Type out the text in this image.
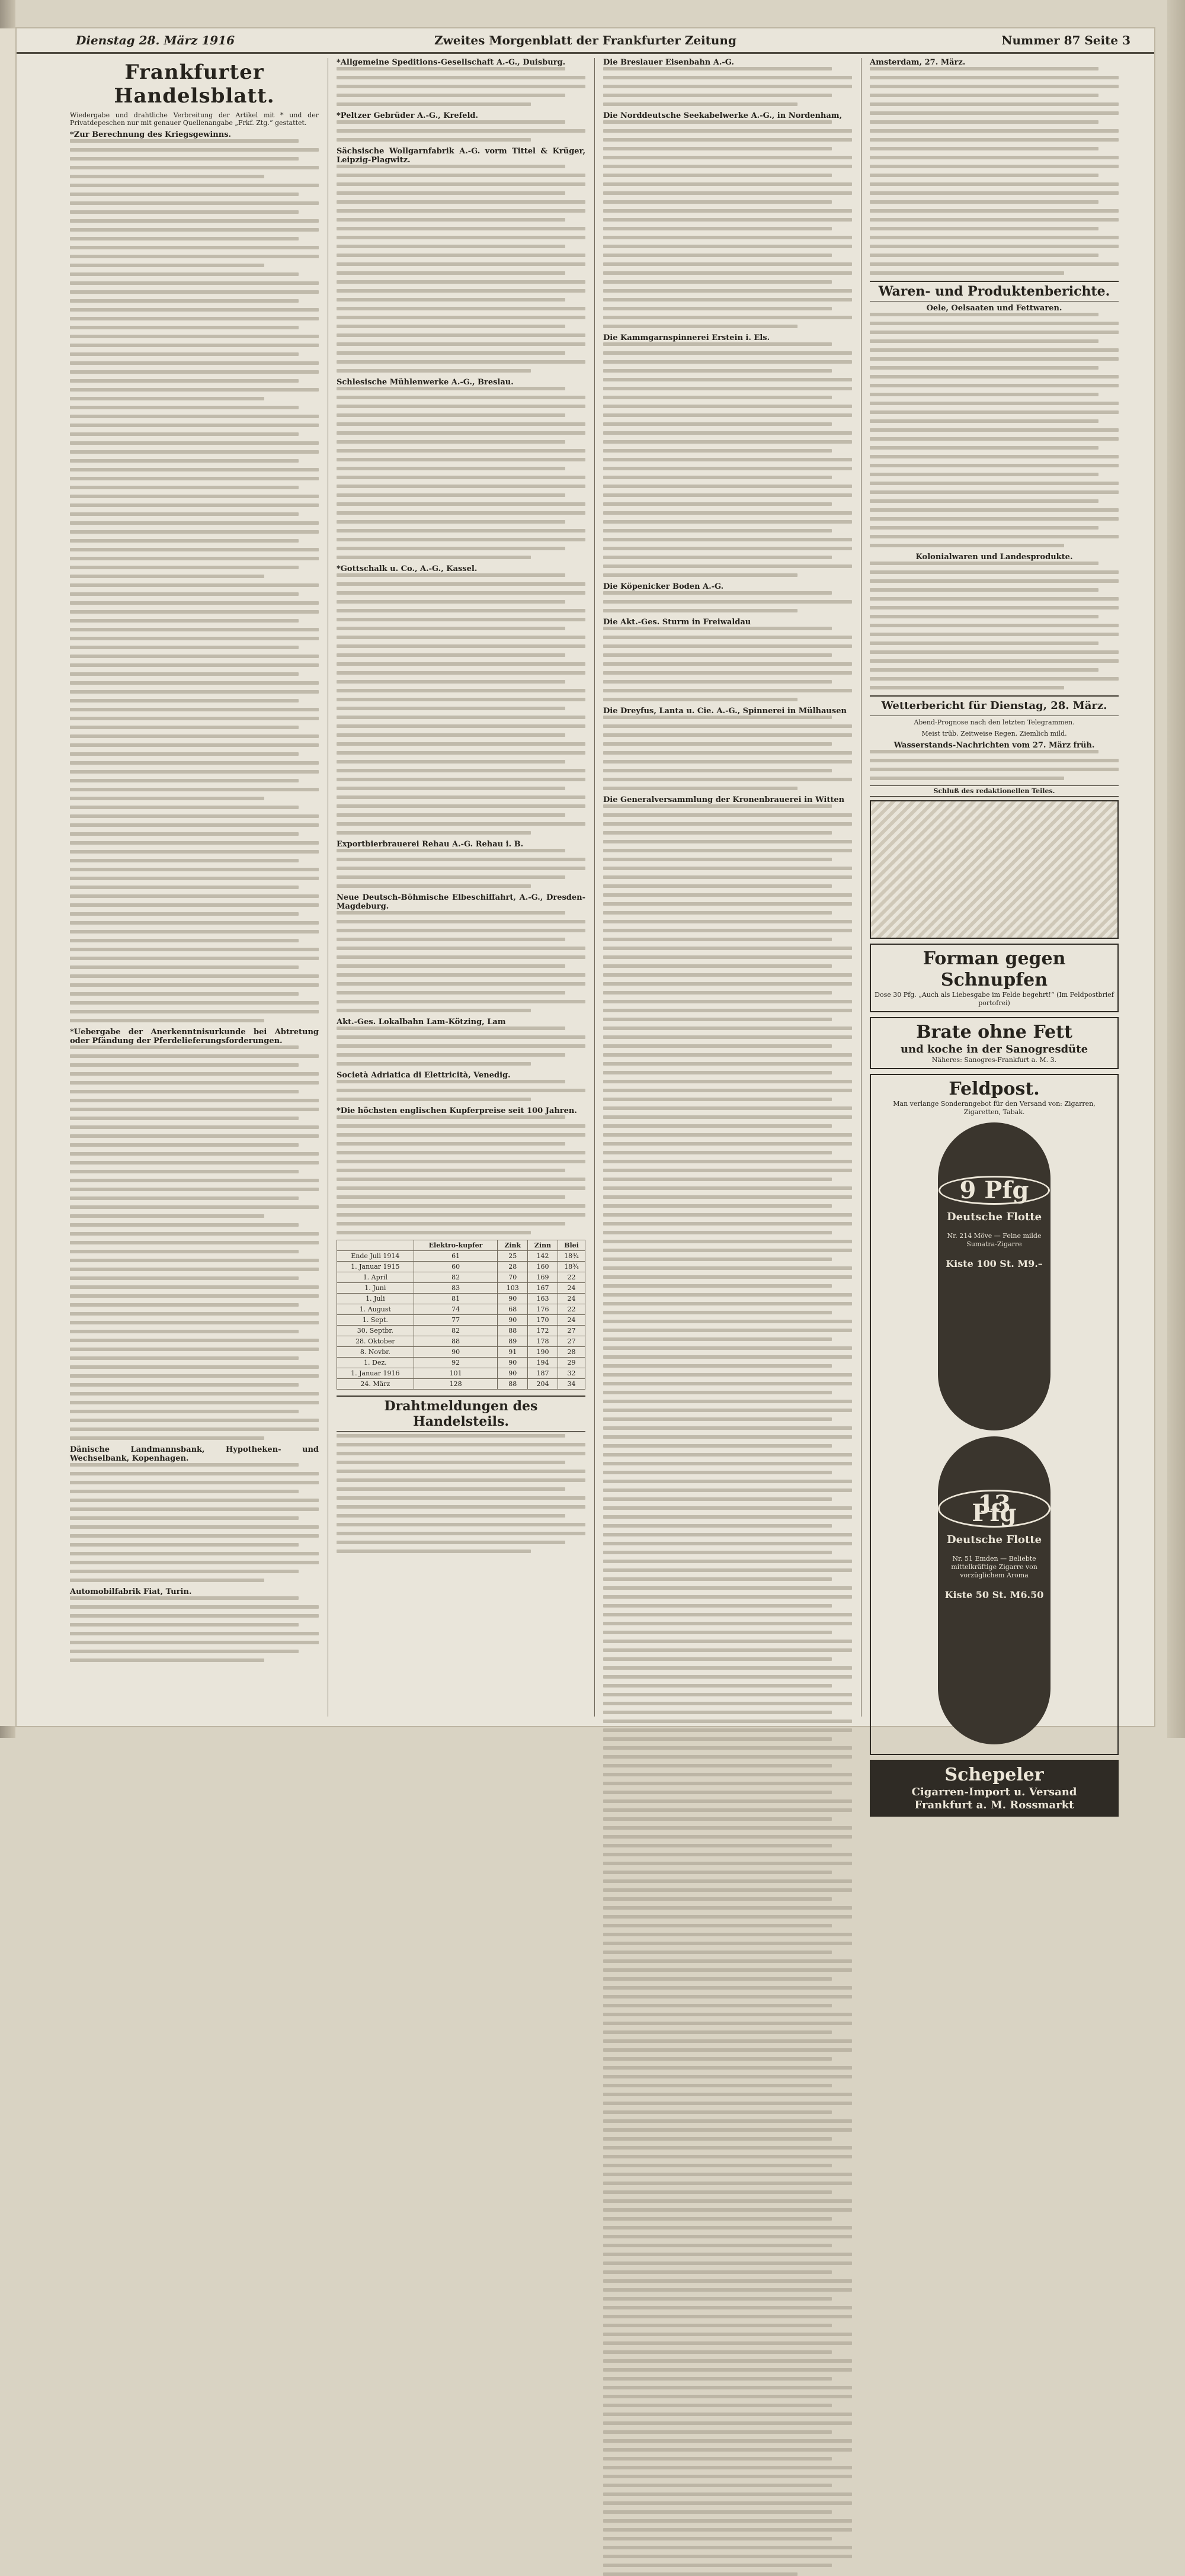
Dienstag 28. März 1916	Zweites Morgenblatt der Frankfurter Zeitung	Nummer 87 Seite 3
Frankfurter Handelsblatt.
Wiedergabe und drahtliche Verbreitung der Artikel mit * und der Privatdepeschen nur mit genauer Quellenangabe „Frkf. Ztg.“ gestattet.
*Zur Berechnung des Kriegsgewinns.
*Uebergabe der Anerkenntnisurkunde bei Abtretung oder Pfändung der Pferdelieferungsforderungen.
Dänische Landmannsbank, Hypotheken- und Wechselbank, Kopenhagen.
Automobilfabrik Fiat, Turin.
*Allgemeine Speditions-Gesellschaft A.-G., Duisburg.
*Peltzer Gebrüder A.-G., Krefeld.
Sächsische Wollgarnfabrik A.-G. vorm Tittel & Krüger, Leipzig-Plagwitz.
Schlesische Mühlenwerke A.-G., Breslau.
*Gottschalk u. Co., A.-G., Kassel.
Exportbierbrauerei Rehau A.-G. Rehau i. B.
Neue Deutsch-Böhmische Elbeschiffahrt, A.-G., Dresden-Magdeburg.
Akt.-Ges. Lokalbahn Lam-Kötzing, Lam
Società Adriatica di Elettricità, Venedig.
*Die höchsten englischen Kupferpreise seit 100 Jahren.
	Elektro-kupfer	Zink	Zinn	Blei
Ende Juli 1914	61	25	142	18¾
1. Januar 1915	60	28	160	18¾
1. April	82	70	169	22
1. Juni	83	103	167	24
1. Juli	81	90	163	24
1. August	74	68	176	22
1. Sept.	77	90	170	24
30. Septbr.	82	88	172	27
28. Oktober	88	89	178	27
8. Novbr.	90	91	190	28
1. Dez.	92	90	194	29
1. Januar 1916	101	90	187	32
24. März	128	88	204	34
Drahtmeldungen des Handelsteils.
Die Breslauer Eisenbahn A.-G.
Die Norddeutsche Seekabelwerke A.-G., in Nordenham,
Die Kammgarnspinnerei Erstein i. Els.
Die Köpenicker Boden A.-G.
Die Akt.-Ges. Sturm in Freiwaldau
Die Dreyfus, Lanta u. Cie. A.-G., Spinnerei in Mülhausen
Die Generalversammlung der Kronenbrauerei in Witten
Amsterdam, 27. März.
Waren- und Produktenberichte.
Oele, Oelsaaten und Fettwaren.
Kolonialwaren und Landesprodukte.
Wetterbericht für Dienstag, 28. März.
Abend-Prognose nach den letzten Telegrammen.
Meist trüb. Zeitweise Regen. Ziemlich mild.
Wasserstands-Nachrichten vom 27. März früh.
Schluß des redaktionellen Teiles.
Forman gegen Schnupfen
Dose 30 Pfg. „Auch als Liebesgabe im Felde begehrt!“ (Im Feldpostbrief portofrei)
Brate ohne Fett
und koche in der Sanogresdüte
Näheres: Sanogres-Frankfurt a. M. 3.
Feldpost.
Man verlange Sonderangebot für den Versand von: Zigarren, Zigaretten, Tabak.
9 Pfg
Deutsche Flotte
Nr. 214 Möve — Feine milde Sumatra-Zigarre
Kiste 100 St. M9.–
13 Pfg
Deutsche Flotte
Nr. 51 Emden — Beliebte mittelkräftige Zigarre von vorzüglichem Aroma
Kiste 50 St. M6.50
Schepeler
Cigarren-Import u. Versand
Frankfurt a. M. Rossmarkt
